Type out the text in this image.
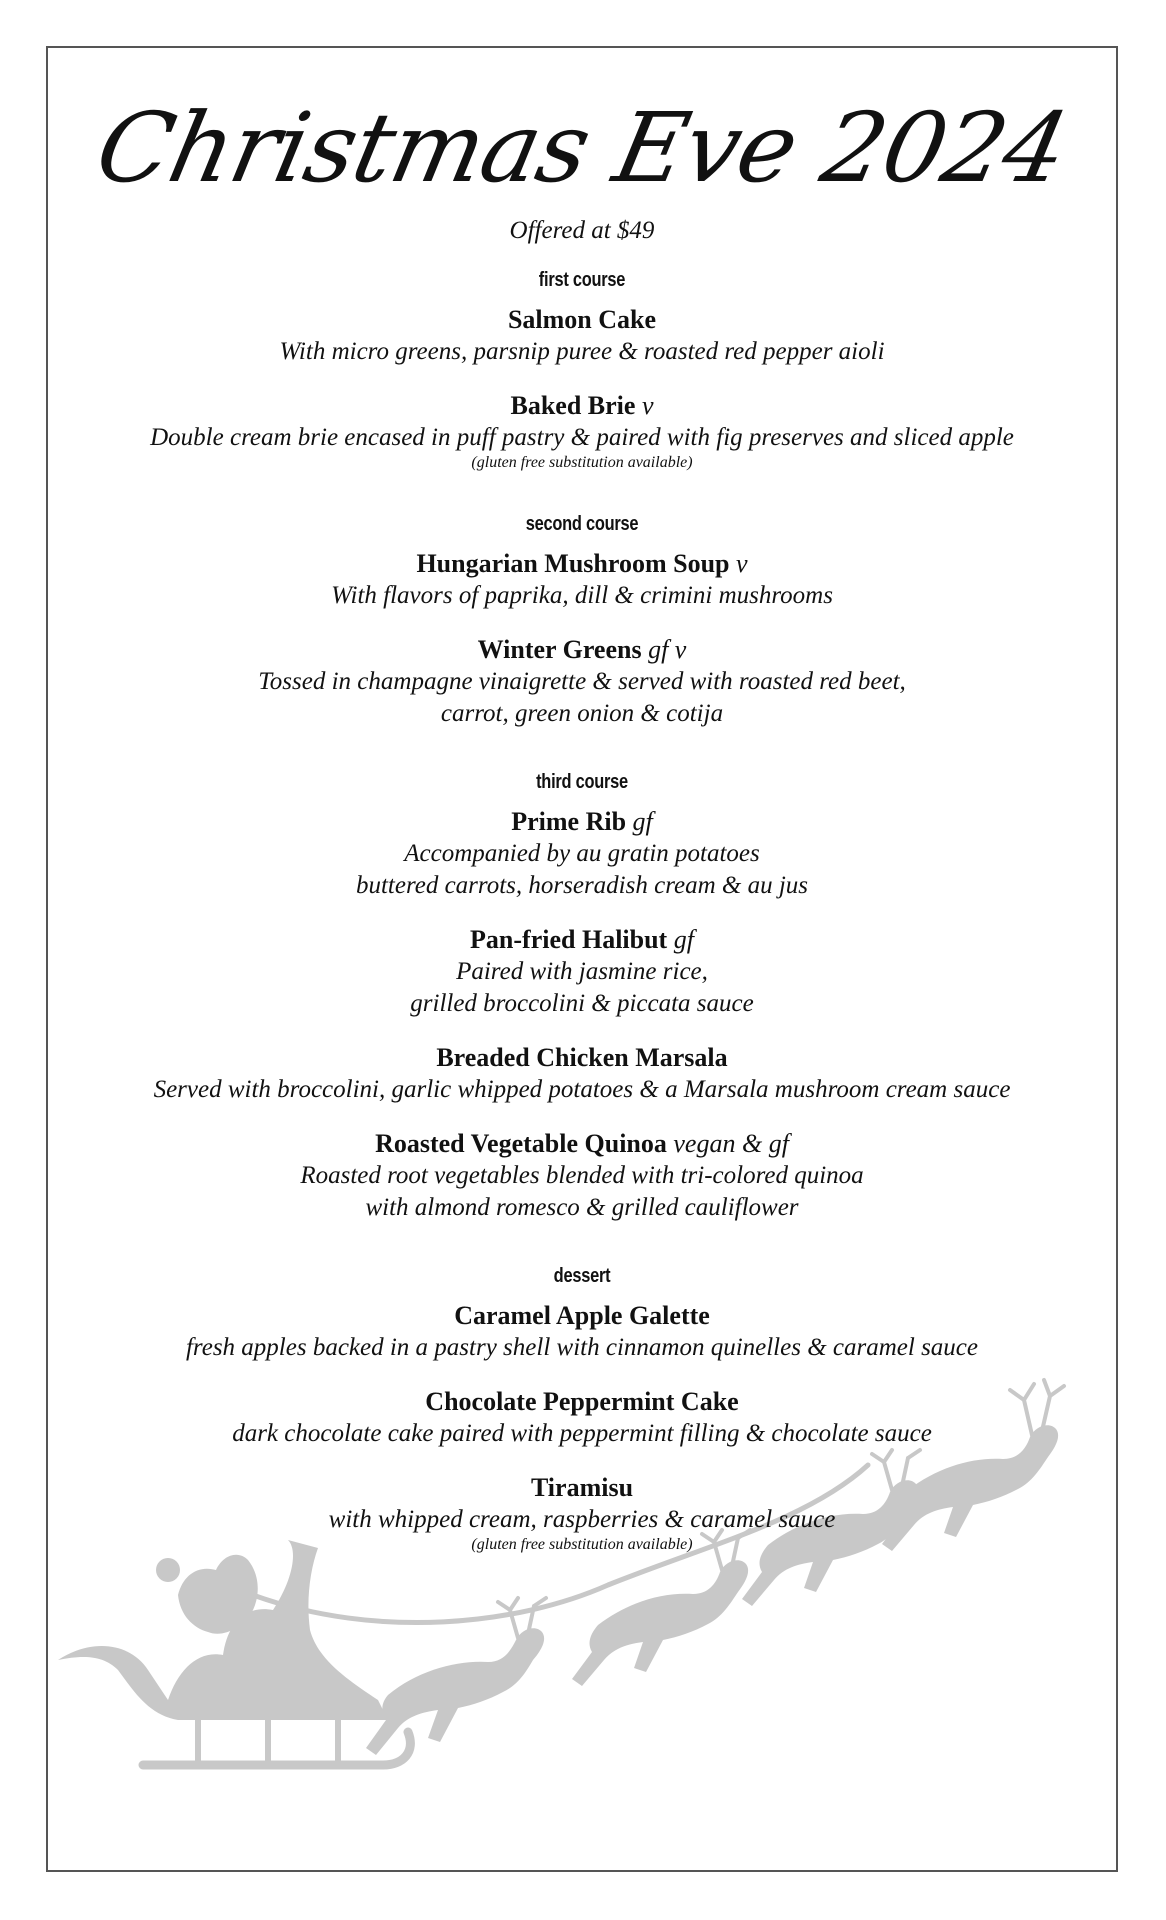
Christmas Eve 2024
Offered at $49
first course
Salmon Cake
With micro greens, parsnip puree & roasted red pepper aioli
Baked Brie v
Double cream brie encased in puff pastry & paired with fig preserves and sliced apple
(gluten free substitution available)
second course
Hungarian Mushroom Soup v
With flavors of paprika, dill & crimini mushrooms
Winter Greens gf v
Tossed in champagne vinaigrette & served with roasted red beet,
carrot, green onion & cotija
third course
Prime Rib gf
Accompanied by au gratin potatoes
buttered carrots, horseradish cream & au jus
Pan-fried Halibut gf
Paired with jasmine rice,
grilled broccolini & piccata sauce
Breaded Chicken Marsala
Served with broccolini, garlic whipped potatoes & a Marsala mushroom cream sauce
Roasted Vegetable Quinoa vegan & gf
Roasted root vegetables blended with tri-colored quinoa
with almond romesco & grilled cauliflower
dessert
Caramel Apple Galette
fresh apples backed in a pastry shell with cinnamon quinelles & caramel sauce
Chocolate Peppermint Cake
dark chocolate cake paired with peppermint filling & chocolate sauce
Tiramisu
with whipped cream, raspberries & caramel sauce
(gluten free substitution available)
